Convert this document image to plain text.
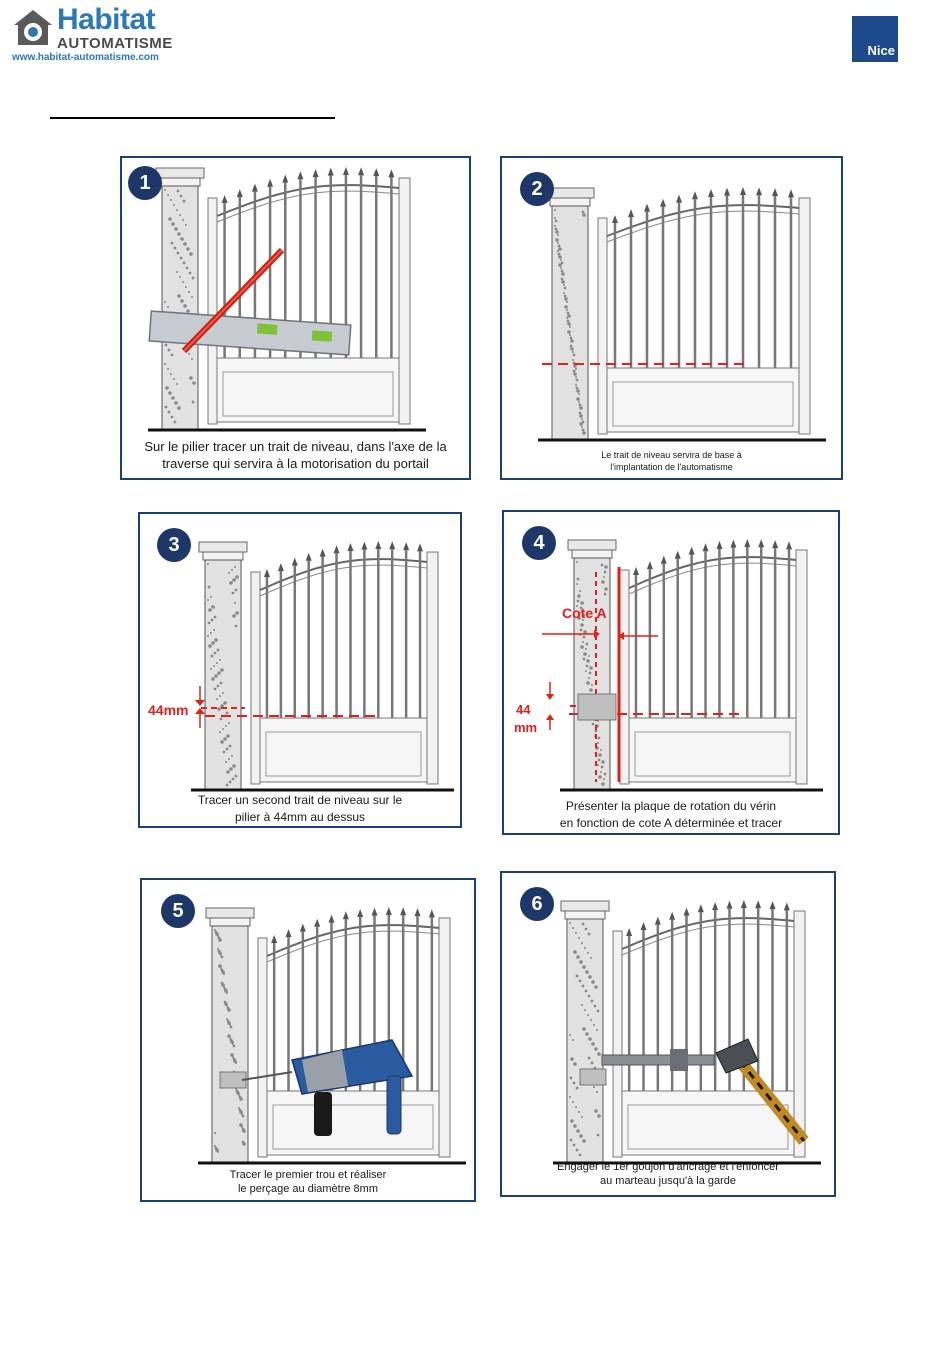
Habitat
AUTOMATISME
www.habitat-automatisme.com	Nice
1
Sur le pilier tracer un trait de niveau, dans l'axe de la
traverse qui servira à la motorisation du portail
2
Le trait de niveau servira de base à
l'implantation de l'automatisme
44mm
3
Tracer un second trait de niveau sur le
pilier à 44mm au dessus
Cote A
44
mm
4
Présenter la plaque de rotation du vérin
en fonction de cote A déterminée et tracer
5
Tracer le premier trou et réaliser
le perçage au diamètre 8mm
6
Engager le 1er goujon d'ancrage et l'enfoncer
au marteau jusqu'à la garde
